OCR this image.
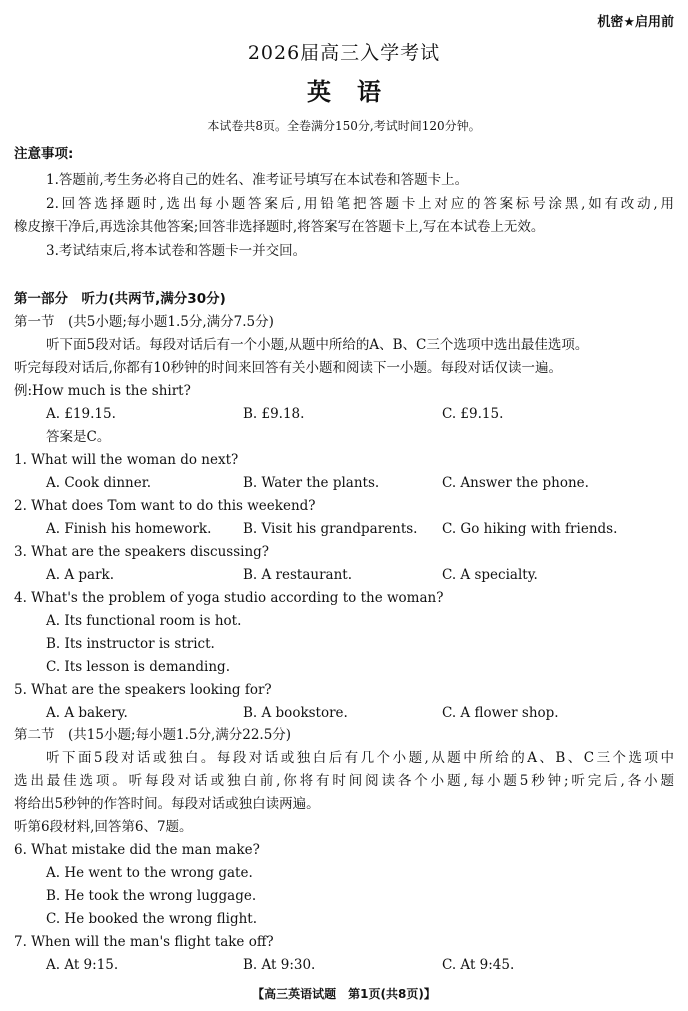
机密★启用前
2026届高三入学考试
英语
本试卷共8页。全卷满分150分,考试时间120分钟。
注意事项:
1.答题前,考生务必将自己的姓名、准考证号填写在本试卷和答题卡上。
2.回答选择题时,选出每小题答案后,用铅笔把答题卡上对应的答案标号涂黑,如有改动,用
橡皮擦干净后,再选涂其他答案;回答非选择题时,将答案写在答题卡上,写在本试卷上无效。
3.考试结束后,将本试卷和答题卡一并交回。
第一部分　听力(共两节,满分30分)
第一节　(共5小题;每小题1.5分,满分7.5分)
听下面5段对话。每段对话后有一个小题,从题中所给的A、B、C三个选项中选出最佳选项。
听完每段对话后,你都有10秒钟的时间来回答有关小题和阅读下一小题。每段对话仅读一遍。
例:How much is the shirt?
A. £19.15.	B. £9.18.	C. £9.15.
答案是C。
1. What will the woman do next?
A. Cook dinner.	B. Water the plants.	C. Answer the phone.
2. What does Tom want to do this weekend?
A. Finish his homework. B. Visit his grandparents. C. Go hiking with friends.
3. What are the speakers discussing?
A. A park.	B. A restaurant.	C. A specialty.
4. What's the problem of yoga studio according to the woman?
A. Its functional room is hot.
B. Its instructor is strict.
C. Its lesson is demanding.
5. What are the speakers looking for?
A. A bakery.	B. A bookstore.	C. A flower shop.
第二节　(共15小题;每小题1.5分,满分22.5分)
听下面5段对话或独白。每段对话或独白后有几个小题,从题中所给的A、B、C三个选项中
选出最佳选项。听每段对话或独白前,你将有时间阅读各个小题,每小题5秒钟;听完后,各小题
将给出5秒钟的作答时间。每段对话或独白读两遍。
听第6段材料,回答第6、7题。
6. What mistake did the man make?
A. He went to the wrong gate.
B. He took the wrong luggage.
C. He booked the wrong flight.
7. When will the man's flight take off?
A. At 9:15.	B. At 9:30.	C. At 9:45.
【高三英语试题　第1页(共8页)】
